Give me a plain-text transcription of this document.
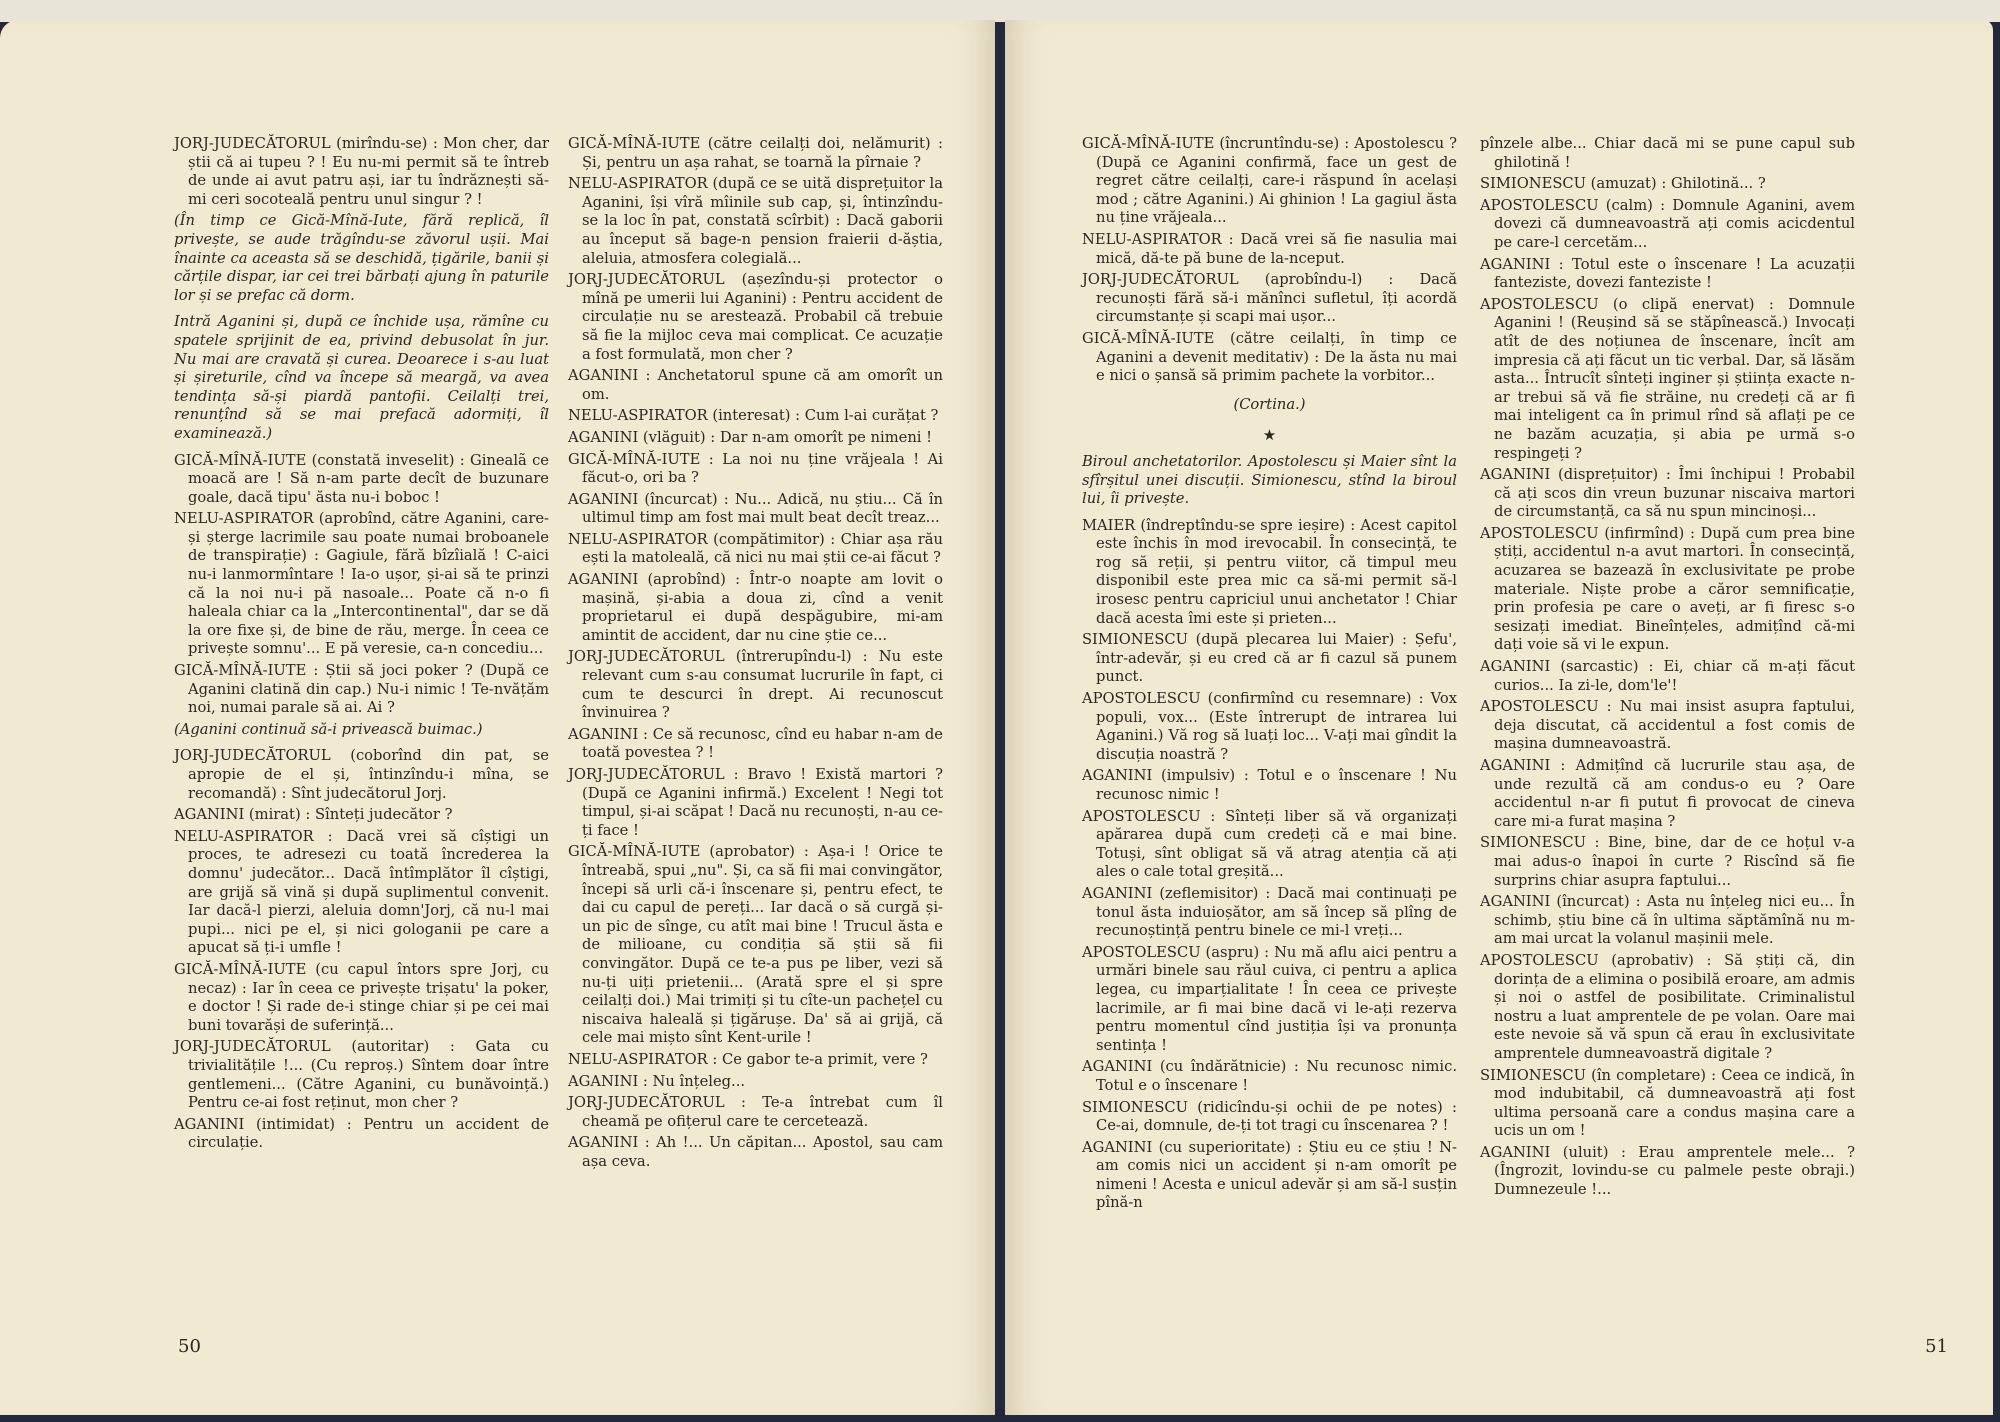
JORJ-JUDECĂTORUL (mirîndu-se) : Mon cher, dar știi că ai tupeu ? ! Eu nu-mi permit să te întreb de unde ai avut patru ași, iar tu îndrăznești să-mi ceri socoteală pentru unul singur ? !

(În timp ce Gică-Mînă-Iute, fără replică, îl privește, se aude trăgîndu-se zăvorul ușii. Mai înainte ca aceasta să se deschidă, țigările, banii și cărțile dispar, iar cei trei bărbați ajung în paturile lor și se prefac că dorm.

Intră Aganini și, după ce închide ușa, rămîne cu spatele sprijinit de ea, privind debusolat în jur. Nu mai are cravată și curea. Deoarece i s-au luat și șireturile, cînd va începe să meargă, va avea tendința să-și piardă pantofii. Ceilalți trei, renunțînd să se mai prefacă adormiți, îl examinează.)

GICĂ-MÎNĂ-IUTE (constată inveselit) : Ginealã ce moacă are ! Să n-am parte decît de buzunare goale, dacă tipu' ăsta nu-i boboc !

NELU-ASPIRATOR (aprobînd, către Aganini, care-și șterge lacrimile sau poate numai broboanele de transpirație) : Gagiule, fără bîzîială ! C-aici nu-i lanmormîntare ! Ia-o ușor, și-ai să te prinzi că la noi nu-i pă nasoale... Poate că n-o fi haleala chiar ca la „Intercontinental", dar se dă la ore fixe și, de bine de rău, merge. În ceea ce privește somnu'... E pă veresie, ca-n concediu...

GICĂ-MÎNĂ-IUTE : Știi să joci poker ? (După ce Aganini clatină din cap.) Nu-i nimic ! Te-nvățăm noi, numai parale să ai. Ai ?

(Aganini continuă să-i privească buimac.)

JORJ-JUDECĂTORUL (coborînd din pat, se apropie de el și, întinzîndu-i mîna, se recomandă) : Sînt judecătorul Jorj.

AGANINI (mirat) : Sînteți judecător ?

NELU-ASPIRATOR : Dacă vrei să cîștigi un proces, te adresezi cu toată încrederea la domnu' judecător... Dacă întîmplător îl cîștigi, are grijă să vină și după suplimentul convenit. Iar dacă-l pierzi, aleluia domn'Jorj, că nu-l mai pupi... nici pe el, și nici gologanii pe care a apucat să ți-i umfle !

GICĂ-MÎNĂ-IUTE (cu capul întors spre Jorj, cu necaz) : Iar în ceea ce privește trișatu' la poker, e doctor ! Și rade de-i stinge chiar și pe cei mai buni tovarăși de suferință...

JORJ-JUDECĂTORUL (autoritar) : Gata cu trivialitățile !... (Cu reproș.) Sîntem doar între gentlemeni... (Către Aganini, cu bunăvoință.) Pentru ce-ai fost reținut, mon cher ?

AGANINI (intimidat) : Pentru un accident de circulație.

GICĂ-MÎNĂ-IUTE (către ceilalți doi, nelămurit) : Și, pentru un așa rahat, se toarnă la pîrnaie ?

NELU-ASPIRATOR (după ce se uită disprețuitor la Aganini, își vîră mîinile sub cap, și, întinzîndu-se la loc în pat, constată scîrbit) : Dacă gaborii au început să bage-n pension fraierii d-ăștia, aleluia, atmosfera colegială...

JORJ-JUDECĂTORUL (așezîndu-și protector o mînă pe umerii lui Aganini) : Pentru accident de circulație nu se arestează. Probabil că trebuie să fie la mijloc ceva mai complicat. Ce acuzație a fost formulată, mon cher ?

AGANINI : Anchetatorul spune că am omorît un om.

NELU-ASPIRATOR (interesat) : Cum l-ai curățat ?

AGANINI (vlăguit) : Dar n-am omorît pe nimeni !

GICĂ-MÎNĂ-IUTE : La noi nu ține vrăjeala ! Ai făcut-o, ori ba ?

AGANINI (încurcat) : Nu... Adică, nu știu... Că în ultimul timp am fost mai mult beat decît treaz...

NELU-ASPIRATOR (compătimitor) : Chiar așa rău ești la matoleală, că nici nu mai știi ce-ai făcut ?

AGANINI (aprobînd) : Într-o noapte am lovit o mașină, și-abia a doua zi, cînd a venit proprietarul ei după despăgubire, mi-am amintit de accident, dar nu cine știe ce...

JORJ-JUDECĂTORUL (întrerupîndu-l) : Nu este relevant cum s-au consumat lucrurile în fapt, ci cum te descurci în drept. Ai recunoscut învinuirea ?

AGANINI : Ce să recunosc, cînd eu habar n-am de toată povestea ? !

JORJ-JUDECĂTORUL : Bravo ! Există martori ? (După ce Aganini infirmă.) Excelent ! Negi tot timpul, și-ai scăpat ! Dacă nu recunoști, n-au ce-ți face !

GICĂ-MÎNĂ-IUTE (aprobator) : Așa-i ! Orice te întreabă, spui „nu". Și, ca să fii mai convingător, începi să urli că-i înscenare și, pentru efect, te dai cu capul de pereți... Iar dacă o să curgă și-un pic de sînge, cu atît mai bine ! Trucul ăsta e de milioane, cu condiția să știi să fii convingător. După ce te-a pus pe liber, vezi să nu-ți uiți prietenii... (Arată spre el și spre ceilalți doi.) Mai trimiți și tu cîte-un pachețel cu niscaiva haleală și țigărușe. Da' să ai grijă, că cele mai mișto sînt Kent-urile !

NELU-ASPIRATOR : Ce gabor te-a primit, vere ?

AGANINI : Nu înțeleg...

JORJ-JUDECĂTORUL : Te-a întrebat cum îl cheamă pe ofițerul care te cercetează.

AGANINI : Ah !... Un căpitan... Apostol, sau cam așa ceva.

50

GICĂ-MÎNĂ-IUTE (încruntîndu-se) : Apostolescu ? (După ce Aganini confirmă, face un gest de regret către ceilalți, care-i răspund în același mod ; către Aganini.) Ai ghinion ! La gagiul ăsta nu ține vrăjeala...

NELU-ASPIRATOR : Dacă vrei să fie nasulia mai mică, dă-te pă bune de la-nceput.

JORJ-JUDECĂTORUL (aprobîndu-l) : Dacă recunoști fără să-i mănînci sufletul, îți acordă circumstanțe și scapi mai ușor...

GICĂ-MÎNĂ-IUTE (către ceilalți, în timp ce Aganini a devenit meditativ) : De la ăsta nu mai e nici o șansă să primim pachete la vorbitor...

(Cortina.)

★

Biroul anchetatorilor. Apostolescu și Maier sînt la sfîrșitul unei discuții. Simionescu, stînd la biroul lui, îi privește.

MAIER (îndreptîndu-se spre ieșire) : Acest capitol este închis în mod irevocabil. În consecință, te rog să reții, și pentru viitor, că timpul meu disponibil este prea mic ca să-mi permit să-l irosesc pentru capriciul unui anchetator ! Chiar dacă acesta îmi este și prieten...

SIMIONESCU (după plecarea lui Maier) : Șefu', într-adevăr, și eu cred că ar fi cazul să punem punct.

APOSTOLESCU (confirmînd cu resemnare) : Vox populi, vox... (Este întrerupt de intrarea lui Aganini.) Vă rog să luați loc... V-ați mai gîndit la discuția noastră ?

AGANINI (impulsiv) : Totul e o înscenare ! Nu recunosc nimic !

APOSTOLESCU : Sînteți liber să vă organizați apărarea după cum credeți că e mai bine. Totuși, sînt obligat să vă atrag atenția că ați ales o cale total greșită...

AGANINI (zeflemisitor) : Dacă mai continuați pe tonul ăsta induioșător, am să încep să plîng de recunoștință pentru binele ce mi-l vreți...

APOSTOLESCU (aspru) : Nu mă aflu aici pentru a urmări binele sau răul cuiva, ci pentru a aplica legea, cu imparțialitate ! În ceea ce privește lacrimile, ar fi mai bine dacă vi le-ați rezerva pentru momentul cînd justiția își va pronunța sentința !

AGANINI (cu îndărătnicie) : Nu recunosc nimic. Totul e o înscenare !

SIMIONESCU (ridicîndu-și ochii de pe notes) : Ce-ai, domnule, de-ți tot tragi cu înscenarea ? !

AGANINI (cu superioritate) : Știu eu ce știu ! N-am comis nici un accident și n-am omorît pe nimeni ! Acesta e unicul adevăr și am să-l susțin pînă-n

pînzele albe... Chiar dacă mi se pune capul sub ghilotină !

SIMIONESCU (amuzat) : Ghilotină... ?

APOSTOLESCU (calm) : Domnule Aganini, avem dovezi că dumneavoastră ați comis acicdentul pe care-l cercetăm...

AGANINI : Totul este o înscenare ! La acuzații fanteziste, dovezi fanteziste !

APOSTOLESCU (o clipă enervat) : Domnule Aganini ! (Reușind să se stăpînească.) Invocați atît de des noțiunea de înscenare, încît am impresia că ați făcut un tic verbal. Dar, să lăsăm asta... Întrucît sînteți inginer și știința exacte n-ar trebui să vă fie străine, nu credeți că ar fi mai inteligent ca în primul rînd să aflați pe ce ne bazăm acuzația, și abia pe urmă s-o respingeți ?

AGANINI (disprețuitor) : Îmi închipui ! Probabil că ați scos din vreun buzunar niscaiva martori de circumstanță, ca să nu spun mincinoși...

APOSTOLESCU (infirmînd) : După cum prea bine știți, accidentul n-a avut martori. În consecință, acuzarea se bazează în exclusivitate pe probe materiale. Niște probe a căror semnificație, prin profesia pe care o aveți, ar fi firesc s-o sesizați imediat. Bineînțeles, admițînd că-mi dați voie să vi le expun.

AGANINI (sarcastic) : Ei, chiar că m-ați făcut curios... Ia zi-le, dom'le'!

APOSTOLESCU : Nu mai insist asupra faptului, deja discutat, că accidentul a fost comis de mașina dumneavoastră.

AGANINI : Admițînd că lucrurile stau așa, de unde rezultă că am condus-o eu ? Oare accidentul n-ar fi putut fi provocat de cineva care mi-a furat mașina ?

SIMIONESCU : Bine, bine, dar de ce hoțul v-a mai adus-o înapoi în curte ? Riscînd să fie surprins chiar asupra faptului...

AGANINI (încurcat) : Asta nu înțeleg nici eu... În schimb, știu bine că în ultima săptămînă nu m-am mai urcat la volanul mașinii mele.

APOSTOLESCU (aprobativ) : Să știți că, din dorința de a elimina o posibilă eroare, am admis și noi o astfel de posibilitate. Criminalistul nostru a luat amprentele de pe volan. Oare mai este nevoie să vă spun că erau în exclusivitate amprentele dumneavoastră digitale ?

SIMIONESCU (în completare) : Ceea ce indică, în mod indubitabil, că dumneavoastră ați fost ultima persoană care a condus mașina care a ucis un om !

AGANINI (uluit) : Erau amprentele mele... ? (Îngrozit, lovindu-se cu palmele peste obraji.) Dumnezeule !...

51
